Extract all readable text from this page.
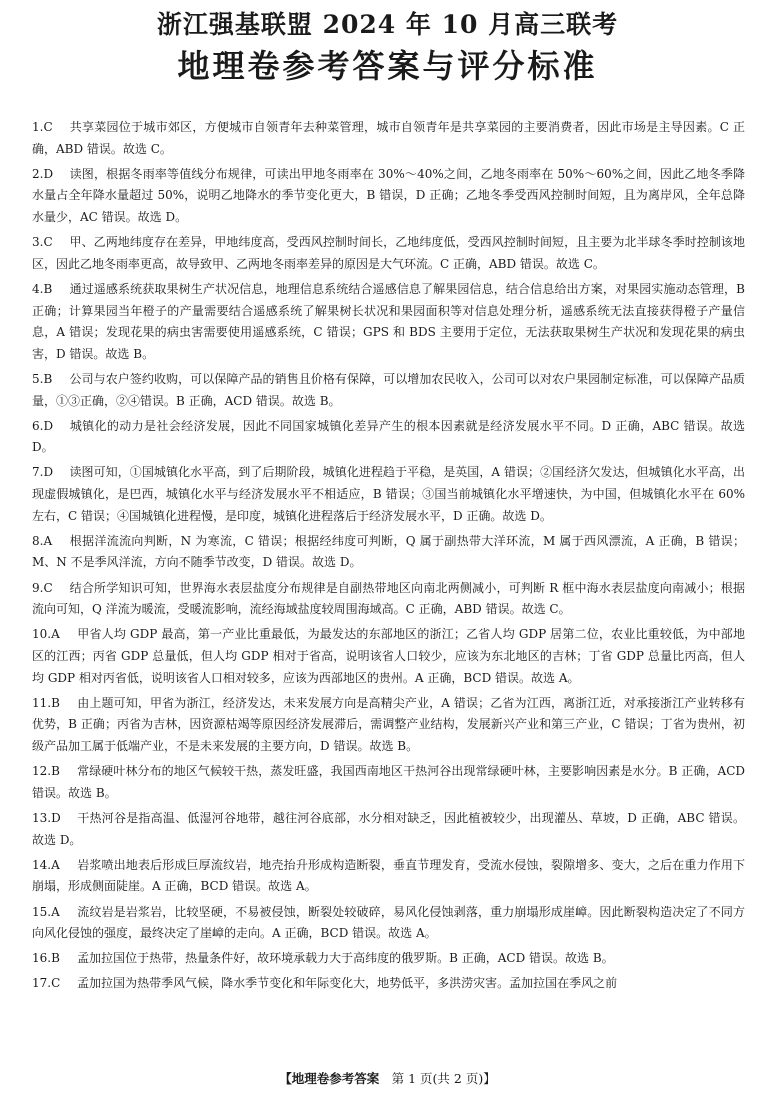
浙江强基联盟 2024 年 10 月高三联考
地理卷参考答案与评分标准
1.C 共享菜园位于城市郊区，方便城市自领青年去种菜管理，城市自领青年是共享菜园的主要消费者，因此市场是主导因素。C 正确，ABD 错误。故选 C。
2.D 读图，根据冬雨率等值线分布规律，可读出甲地冬雨率在 30%～40%之间，乙地冬雨率在 50%～60%之间，因此乙地冬季降水量占全年降水量超过 50%，说明乙地降水的季节变化更大，B 错误，D 正确；乙地冬季受西风控制时间短，且为离岸风，全年总降水量少，AC 错误。故选 D。
3.C 甲、乙两地纬度存在差异，甲地纬度高，受西风控制时间长，乙地纬度低，受西风控制时间短，且主要为北半球冬季时控制该地区，因此乙地冬雨率更高，故导致甲、乙两地冬雨率差异的原因是大气环流。C 正确，ABD 错误。故选 C。
4.B 通过遥感系统获取果树生产状况信息，地理信息系统结合遥感信息了解果园信息，结合信息给出方案，对果园实施动态管理，B 正确；计算果园当年橙子的产量需要结合遥感系统了解果树长状况和果园面积等对信息处理分析，遥感系统无法直接获得橙子产量信息，A 错误；发现花果的病虫害需要使用遥感系统，C 错误；GPS 和 BDS 主要用于定位，无法获取果树生产状况和发现花果的病虫害，D 错误。故选 B。
5.B 公司与农户签约收购，可以保障产品的销售且价格有保障，可以增加农民收入，公司可以对农户果园制定标准，可以保障产品质量，①③正确，②④错误。B 正确，ACD 错误。故选 B。
6.D 城镇化的动力是社会经济发展，因此不同国家城镇化差异产生的根本因素就是经济发展水平不同。D 正确，ABC 错误。故选 D。
7.D 读图可知，①国城镇化水平高，到了后期阶段，城镇化进程趋于平稳，是英国，A 错误；②国经济欠发达，但城镇化水平高，出现虚假城镇化，是巴西，城镇化水平与经济发展水平不相适应，B 错误；③国当前城镇化水平增速快，为中国，但城镇化水平在 60%左右，C 错误；④国城镇化进程慢，是印度，城镇化进程落后于经济发展水平，D 正确。故选 D。
8.A 根据洋流流向判断，N 为寒流，C 错误；根据经纬度可判断，Q 属于副热带大洋环流，M 属于西风漂流，A 正确，B 错误；M、N 不是季风洋流，方向不随季节改变，D 错误。故选 D。
9.C 结合所学知识可知，世界海水表层盐度分布规律是自副热带地区向南北两侧减小，可判断 R 框中海水表层盐度向南减小；根据流向可知，Q 洋流为暖流，受暖流影响，流经海域盐度较周围海域高。C 正确，ABD 错误。故选 C。
10.A 甲省人均 GDP 最高，第一产业比重最低，为最发达的东部地区的浙江；乙省人均 GDP 居第二位，农业比重较低，为中部地区的江西；丙省 GDP 总量低，但人均 GDP 相对于省高，说明该省人口较少，应该为东北地区的吉林；丁省 GDP 总量比丙高，但人均 GDP 相对丙省低，说明该省人口相对较多，应该为西部地区的贵州。A 正确，BCD 错误。故选 A。
11.B 由上题可知，甲省为浙江，经济发达，未来发展方向是高精尖产业，A 错误；乙省为江西，离浙江近，对承接浙江产业转移有优势，B 正确；丙省为吉林，因资源枯竭等原因经济发展滞后，需调整产业结构，发展新兴产业和第三产业，C 错误；丁省为贵州，初级产品加工属于低端产业，不是未来发展的主要方向，D 错误。故选 B。
12.B 常绿硬叶林分布的地区气候较干热，蒸发旺盛，我国西南地区干热河谷出现常绿硬叶林，主要影响因素是水分。B 正确，ACD 错误。故选 B。
13.D 干热河谷是指高温、低湿河谷地带，越往河谷底部，水分相对缺乏，因此植被较少，出现灌丛、草坡，D 正确，ABC 错误。故选 D。
14.A 岩浆喷出地表后形成巨厚流纹岩，地壳抬升形成构造断裂，垂直节理发育，受流水侵蚀，裂隙增多、变大，之后在重力作用下崩塌，形成侧面陡崖。A 正确，BCD 错误。故选 A。
15.A 流纹岩是岩浆岩，比较坚硬，不易被侵蚀，断裂处较破碎，易风化侵蚀剥落，重力崩塌形成崖嶂。因此断裂构造决定了不同方向风化侵蚀的强度，最终决定了崖嶂的走向。A 正确，BCD 错误。故选 A。
16.B 孟加拉国位于热带，热量条件好，故环境承载力大于高纬度的俄罗斯。B 正确，ACD 错误。故选 B。
17.C 孟加拉国为热带季风气候，降水季节变化和年际变化大，地势低平，多洪涝灾害。孟加拉国在季风之前
【地理卷参考答案 第 1 页(共 2 页)】
